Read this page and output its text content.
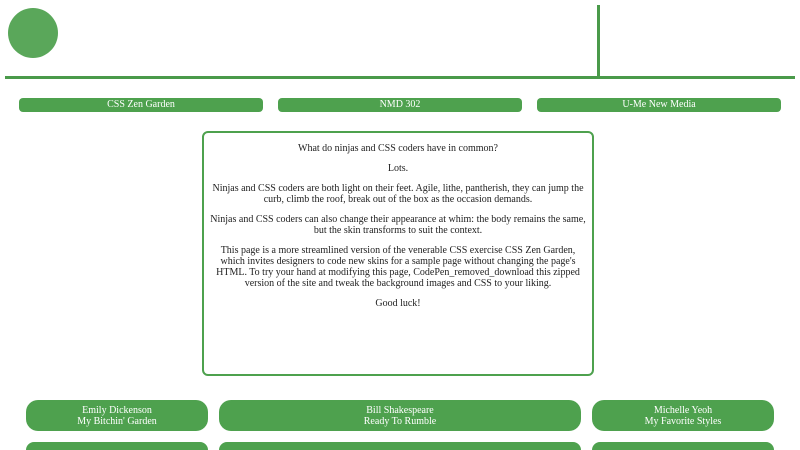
CSS Zen Garden	NMD 302	U-Me New Media

What do ninjas and CSS coders have in common?

Lots.

Ninjas and CSS coders are both light on their feet. Agile, lithe, pantherish, they can jump the curb, climb the roof, break out of the box as the occasion demands.

Ninjas and CSS coders can also change their appearance at whim: the body remains the same, but the skin transforms to suit the context.

This page is a more streamlined version of the venerable CSS exercise CSS Zen Garden, which invites designers to code new skins for a sample page without changing the page's HTML. To try your hand at modifying this page, CodePen_removed_download this zipped version of the site and tweak the background images and CSS to your liking.

Good luck!

Emily Dickenson
My Bitchin' Garden
Bill Shakespeare
Ready To Rumble
Michelle Yeoh
My Favorite Styles
